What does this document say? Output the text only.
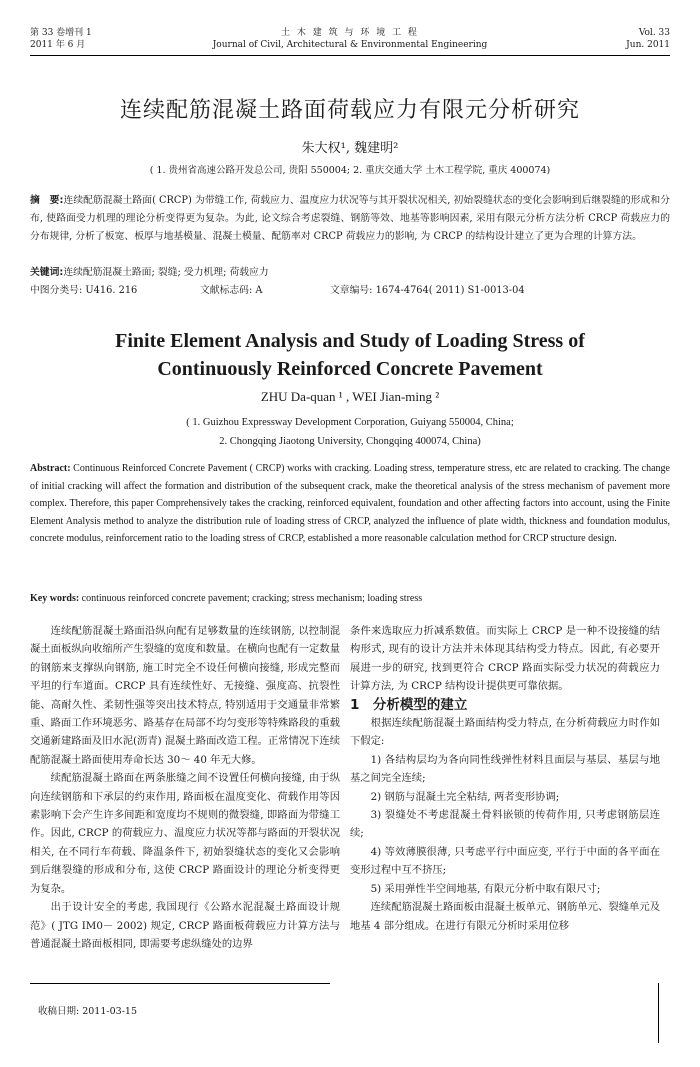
第 33 卷增刊 1
2011 年 6 月
土 木 建 筑 与 环 境 工 程
Journal of Civil, Architectural & Environmental Engineering
Vol. 33
Jun. 2011
连续配筋混凝土路面荷载应力有限元分析研究
朱大权¹, 魏建明²
( 1. 贵州省高速公路开发总公司, 贵阳 550004; 2. 重庆交通大学 土木工程学院, 重庆 400074)
摘　要:连续配筋混凝土路面( CRCP) 为带缝工作, 荷载应力、温度应力状况等与其开裂状况相关, 初始裂缝状态的变化会影响到后继裂缝的形成和分布, 使路面受力机理的理论分析变得更为复杂。为此, 论文综合考虑裂缝、钢筋等效、地基等影响因素, 采用有限元分析方法分析 CRCP 荷载应力的分布规律, 分析了板宽、板厚与地基模量、混凝土模量、配筋率对 CRCP 荷载应力的影响, 为 CRCP 的结构设计建立了更为合理的计算方法。
关键词:连续配筋混凝土路面; 裂缝; 受力机理; 荷载应力
中图分类号: U416. 216	文献标志码: A	文章编号: 1674-4764( 2011) S1-0013-04
Finite Element Analysis and Study of Loading Stress of
Continuously Reinforced Concrete Pavement
ZHU Da-quan ¹ , WEI Jian-ming ²
( 1. Guizhou Expressway Development Corporation, Guiyang 550004, China;
2. Chongqing Jiaotong University, Chongqing 400074, China)
Abstract: Continuous Reinforced Concrete Pavement ( CRCP) works with cracking. Loading stress, temperature stress, etc are related to cracking. The change of initial cracking will affect the formation and distribution of the subsequent crack, make the theoretical analysis of the stress mechanism of pavement more complex. Therefore, this paper Comprehensively takes the cracking, reinforced equivalent, foundation and other affecting factors into account, using the Finite Element Analysis method to analyze the distribution rule of loading stress of CRCP, analyzed the influence of plate width, thickness and foundation modulus, concrete modulus, reinforcement ratio to the loading stress of CRCP, established a more reasonable calculation method for CRCP structure design.
Key words: continuous reinforced concrete pavement; cracking; stress mechanism; loading stress

连续配筋混凝土路面沿纵向配有足够数量的连续钢筋, 以控制混凝土面板纵向收缩所产生裂缝的宽度和数量。在横向也配有一定数量的钢筋来支撑纵向钢筋, 施工时完全不设任何横向接缝, 形成完整而平坦的行车道面。CRCP 具有连续性好、无接缝、强度高、抗裂性能、高耐久性、柔韧性强等突出技术特点, 特别适用于交通量非常繁重、路面工作环境恶劣、路基存在局部不均匀变形等特殊路段的重载交通新建路面及旧水泥(沥青) 混凝土路面改造工程。正常情况下连续配筋混凝土路面使用寿命长达 30～ 40 年无大修。

续配筋混凝土路面在两条胀缝之间不设置任何横向接缝, 由于纵向连续钢筋和下承层的约束作用, 路面板在温度变化、荷载作用等因素影响下会产生许多间距和宽度均不规则的微裂缝, 即路面为带缝工作。因此, CRCP 的荷载应力、温度应力状况等都与路面的开裂状况相关, 在不同行车荷载、降温条件下, 初始裂缝状态的变化又会影响到后继裂缝的形成和分布, 这使 CRCP 路面设计的理论分析变得更为复杂。

出于设计安全的考虑, 我国现行《公路水泥混凝土路面设计规范》( JTG IM0－ 2002) 规定, CRCP 路面板荷载应力计算方法与普通混凝土路面板相同, 即需要考虑纵缝处的边界

条件来选取应力折减系数值。而实际上 CRCP 是一种不设接缝的结构形式, 现有的设计方法并未体现其结构受力特点。因此, 有必要开展进一步的研究, 找到更符合 CRCP 路面实际受力状况的荷载应力计算方法, 为 CRCP 结构设计提供更可靠依据。

1　分析模型的建立

根据连续配筋混凝土路面结构受力特点, 在分析荷载应力时作如下假定:

1) 各结构层均为各向同性线弹性材料且面层与基层、基层与地基之间完全连续;

2) 钢筋与混凝土完全粘结, 两者变形协调;

3) 裂缝处不考虑混凝土骨料嵌锁的传荷作用, 只考虑钢筋层连续;

4) 等效薄膜很薄, 只考虑平行中面应变, 平行于中面的各平面在变形过程中互不挤压;

5) 采用弹性半空间地基, 有限元分析中取有限尺寸;

连续配筋混凝土路面板由混凝土板单元、钢筋单元、裂缝单元及地基 4 部分组成。在进行有限元分析时采用位移

收稿日期: 2011-03-15
